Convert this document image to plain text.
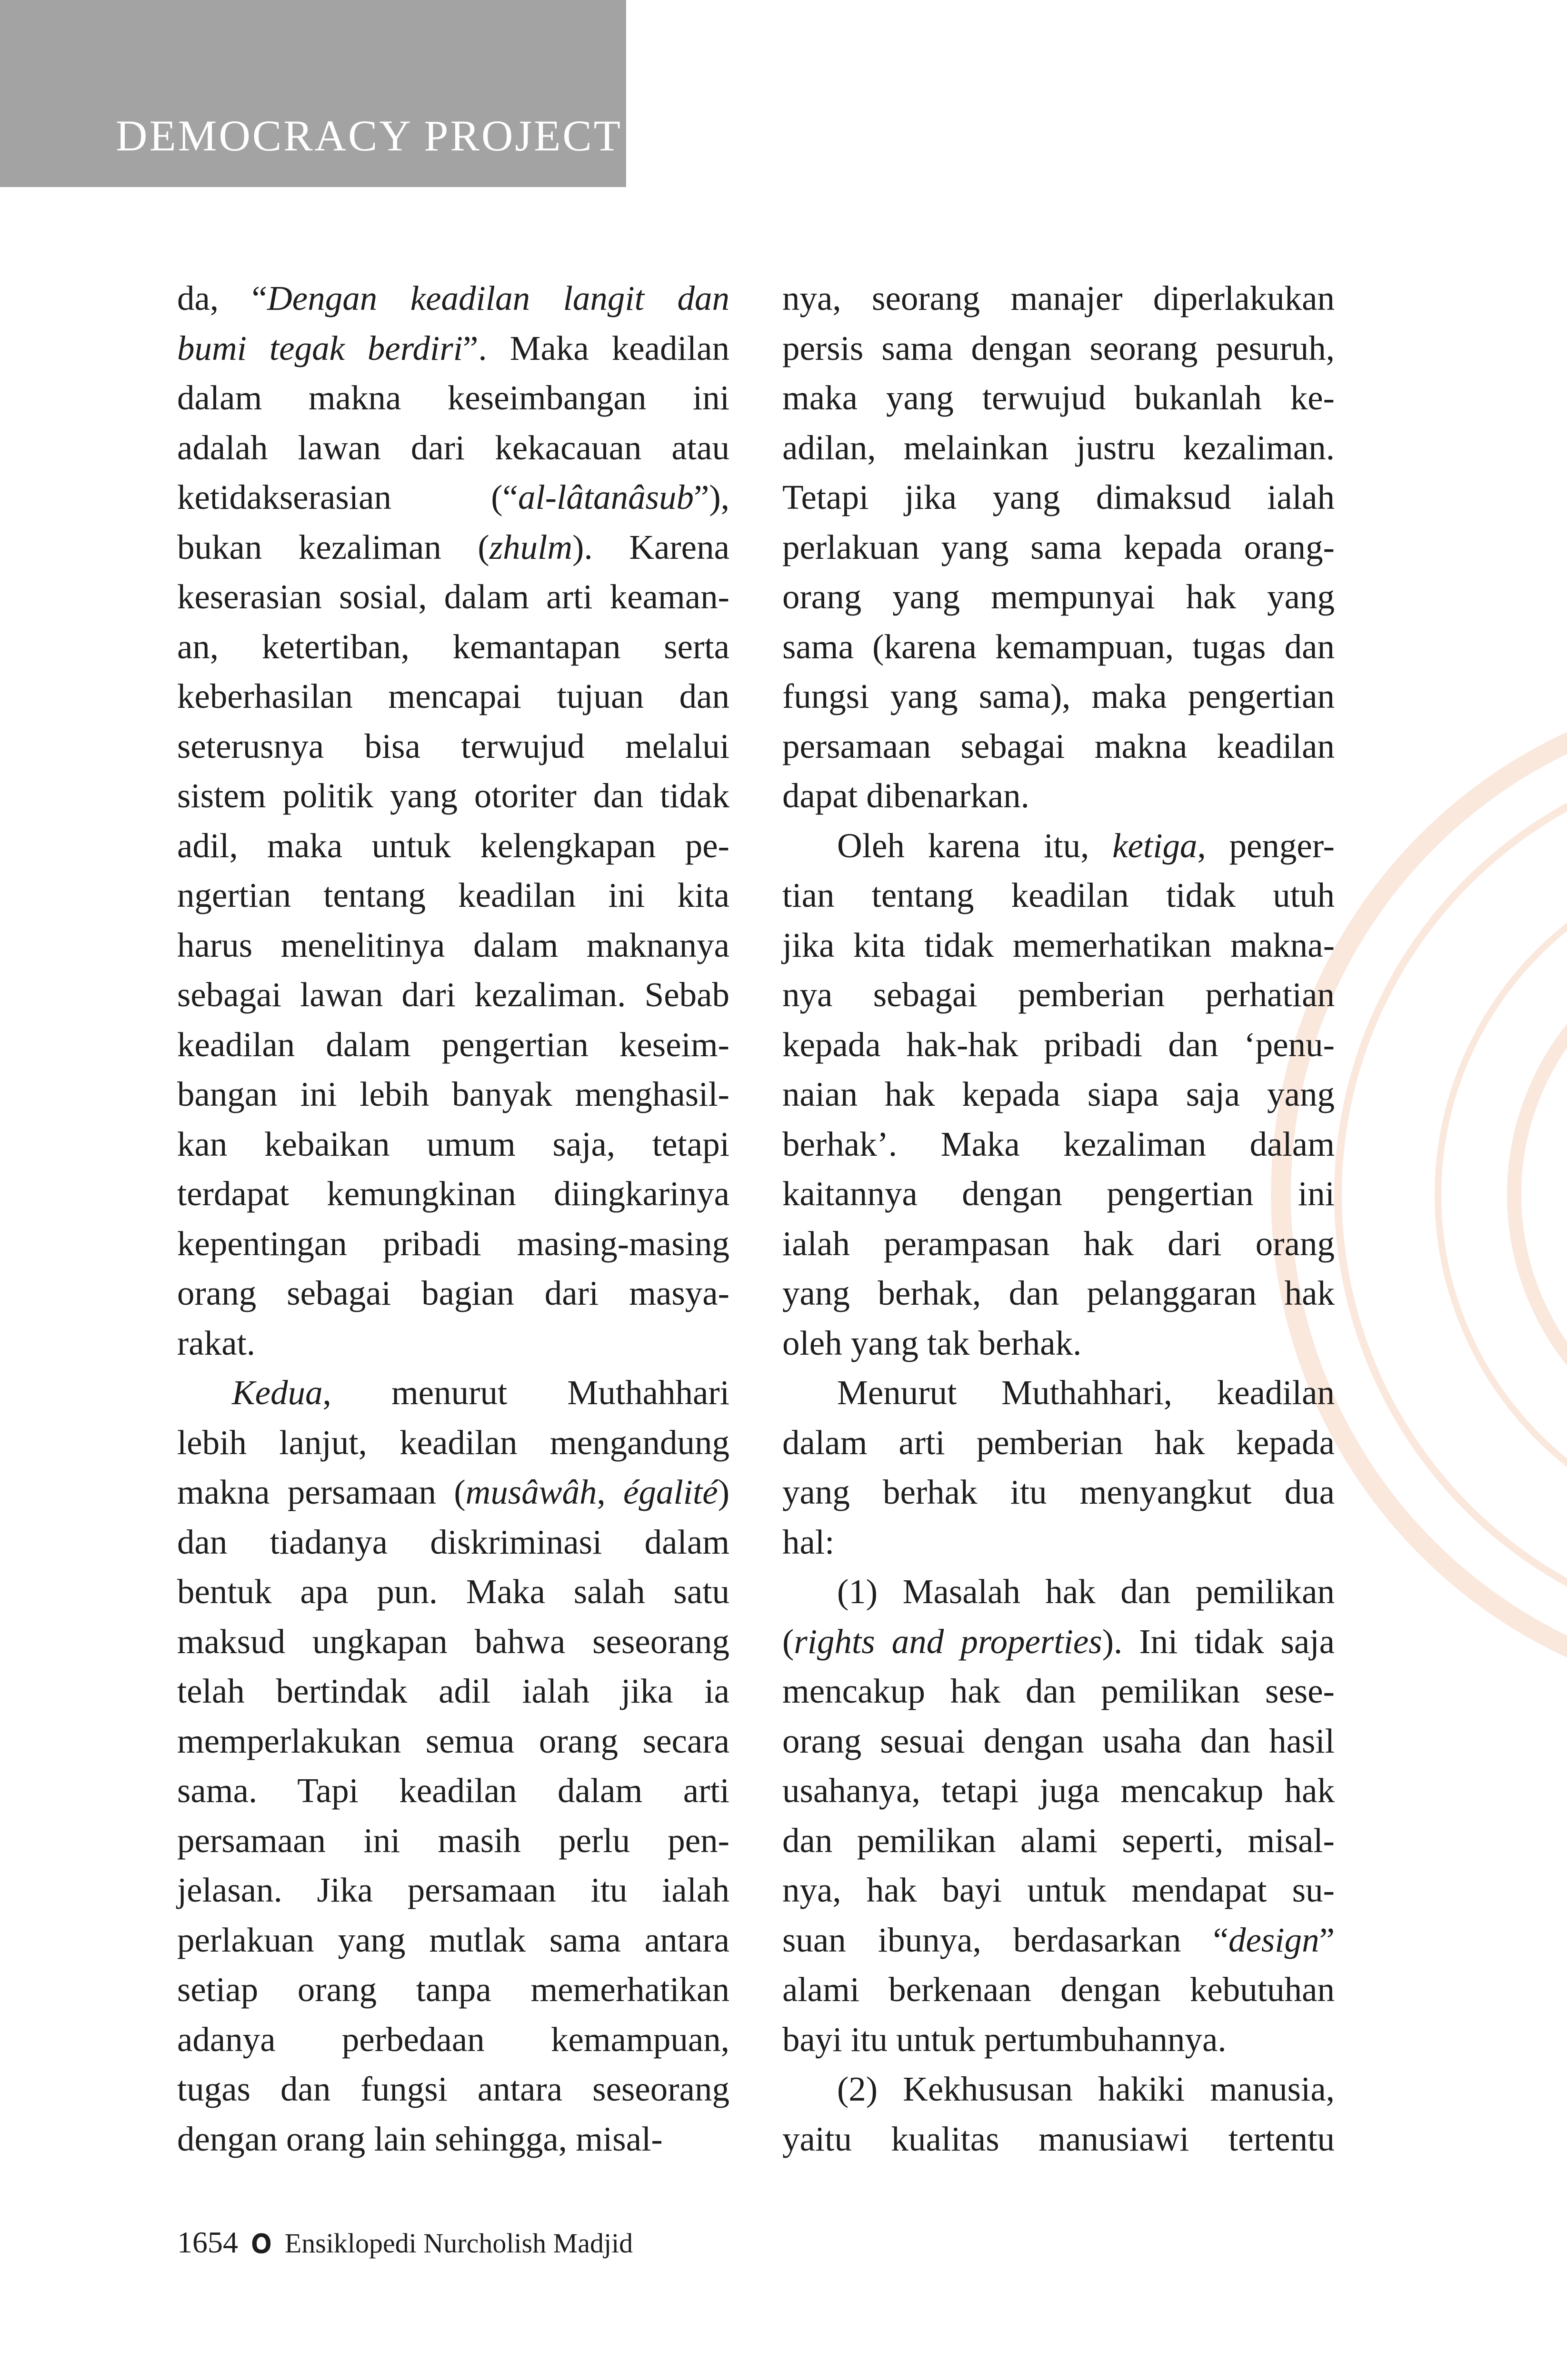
DEMOCRACY PROJECT
da, “Dengan keadilan langit dan
bumi tegak berdiri”. Maka keadilan
dalam makna keseimbangan ini
adalah lawan dari kekacauan atau
ketidakserasian (“al-lâtanâsub”),
bukan kezaliman (zhulm). Karena
keserasian sosial, dalam arti keaman-
an, ketertiban, kemantapan serta
keberhasilan mencapai tujuan dan
seterusnya bisa terwujud melalui
sistem politik yang otoriter dan tidak
adil, maka untuk kelengkapan pe-
ngertian tentang keadilan ini kita
harus menelitinya dalam maknanya
sebagai lawan dari kezaliman. Sebab
keadilan dalam pengertian keseim-
bangan ini lebih banyak menghasil-
kan kebaikan umum saja, tetapi
terdapat kemungkinan diingkarinya
kepentingan pribadi masing-masing
orang sebagai bagian dari masya-
rakat.
Kedua, menurut Muthahhari
lebih lanjut, keadilan mengandung
makna persamaan (musâwâh, égalité)
dan tiadanya diskriminasi dalam
bentuk apa pun. Maka salah satu
maksud ungkapan bahwa seseorang
telah bertindak adil ialah jika ia
memperlakukan semua orang secara
sama. Tapi keadilan dalam arti
persamaan ini masih perlu pen-
jelasan. Jika persamaan itu ialah
perlakuan yang mutlak sama antara
setiap orang tanpa memerhatikan
adanya perbedaan kemampuan,
tugas dan fungsi antara seseorang
dengan orang lain sehingga, misal-
nya, seorang manajer diperlakukan
persis sama dengan seorang pesuruh,
maka yang terwujud bukanlah ke-
adilan, melainkan justru kezaliman.
Tetapi jika yang dimaksud ialah
perlakuan yang sama kepada orang-
orang yang mempunyai hak yang
sama (karena kemampuan, tugas dan
fungsi yang sama), maka pengertian
persamaan sebagai makna keadilan
dapat dibenarkan.
Oleh karena itu, ketiga, penger-
tian tentang keadilan tidak utuh
jika kita tidak memerhatikan makna-
nya sebagai pemberian perhatian
kepada hak-hak pribadi dan ‘penu-
naian hak kepada siapa saja yang
berhak’. Maka kezaliman dalam
kaitannya dengan pengertian ini
ialah perampasan hak dari orang
yang berhak, dan pelanggaran hak
oleh yang tak berhak.
Menurut Muthahhari, keadilan
dalam arti pemberian hak kepada
yang berhak itu menyangkut dua
hal:
(1) Masalah hak dan pemilikan
(rights and properties). Ini tidak saja
mencakup hak dan pemilikan sese-
orang sesuai dengan usaha dan hasil
usahanya, tetapi juga mencakup hak
dan pemilikan alami seperti, misal-
nya, hak bayi untuk mendapat su-
suan ibunya, berdasarkan “design”
alami berkenaan dengan kebutuhan
bayi itu untuk pertumbuhannya.
(2) Kekhususan hakiki manusia,
yaitu kualitas manusiawi tertentu
1654 ໐ Ensiklopedi Nurcholish Madjid
